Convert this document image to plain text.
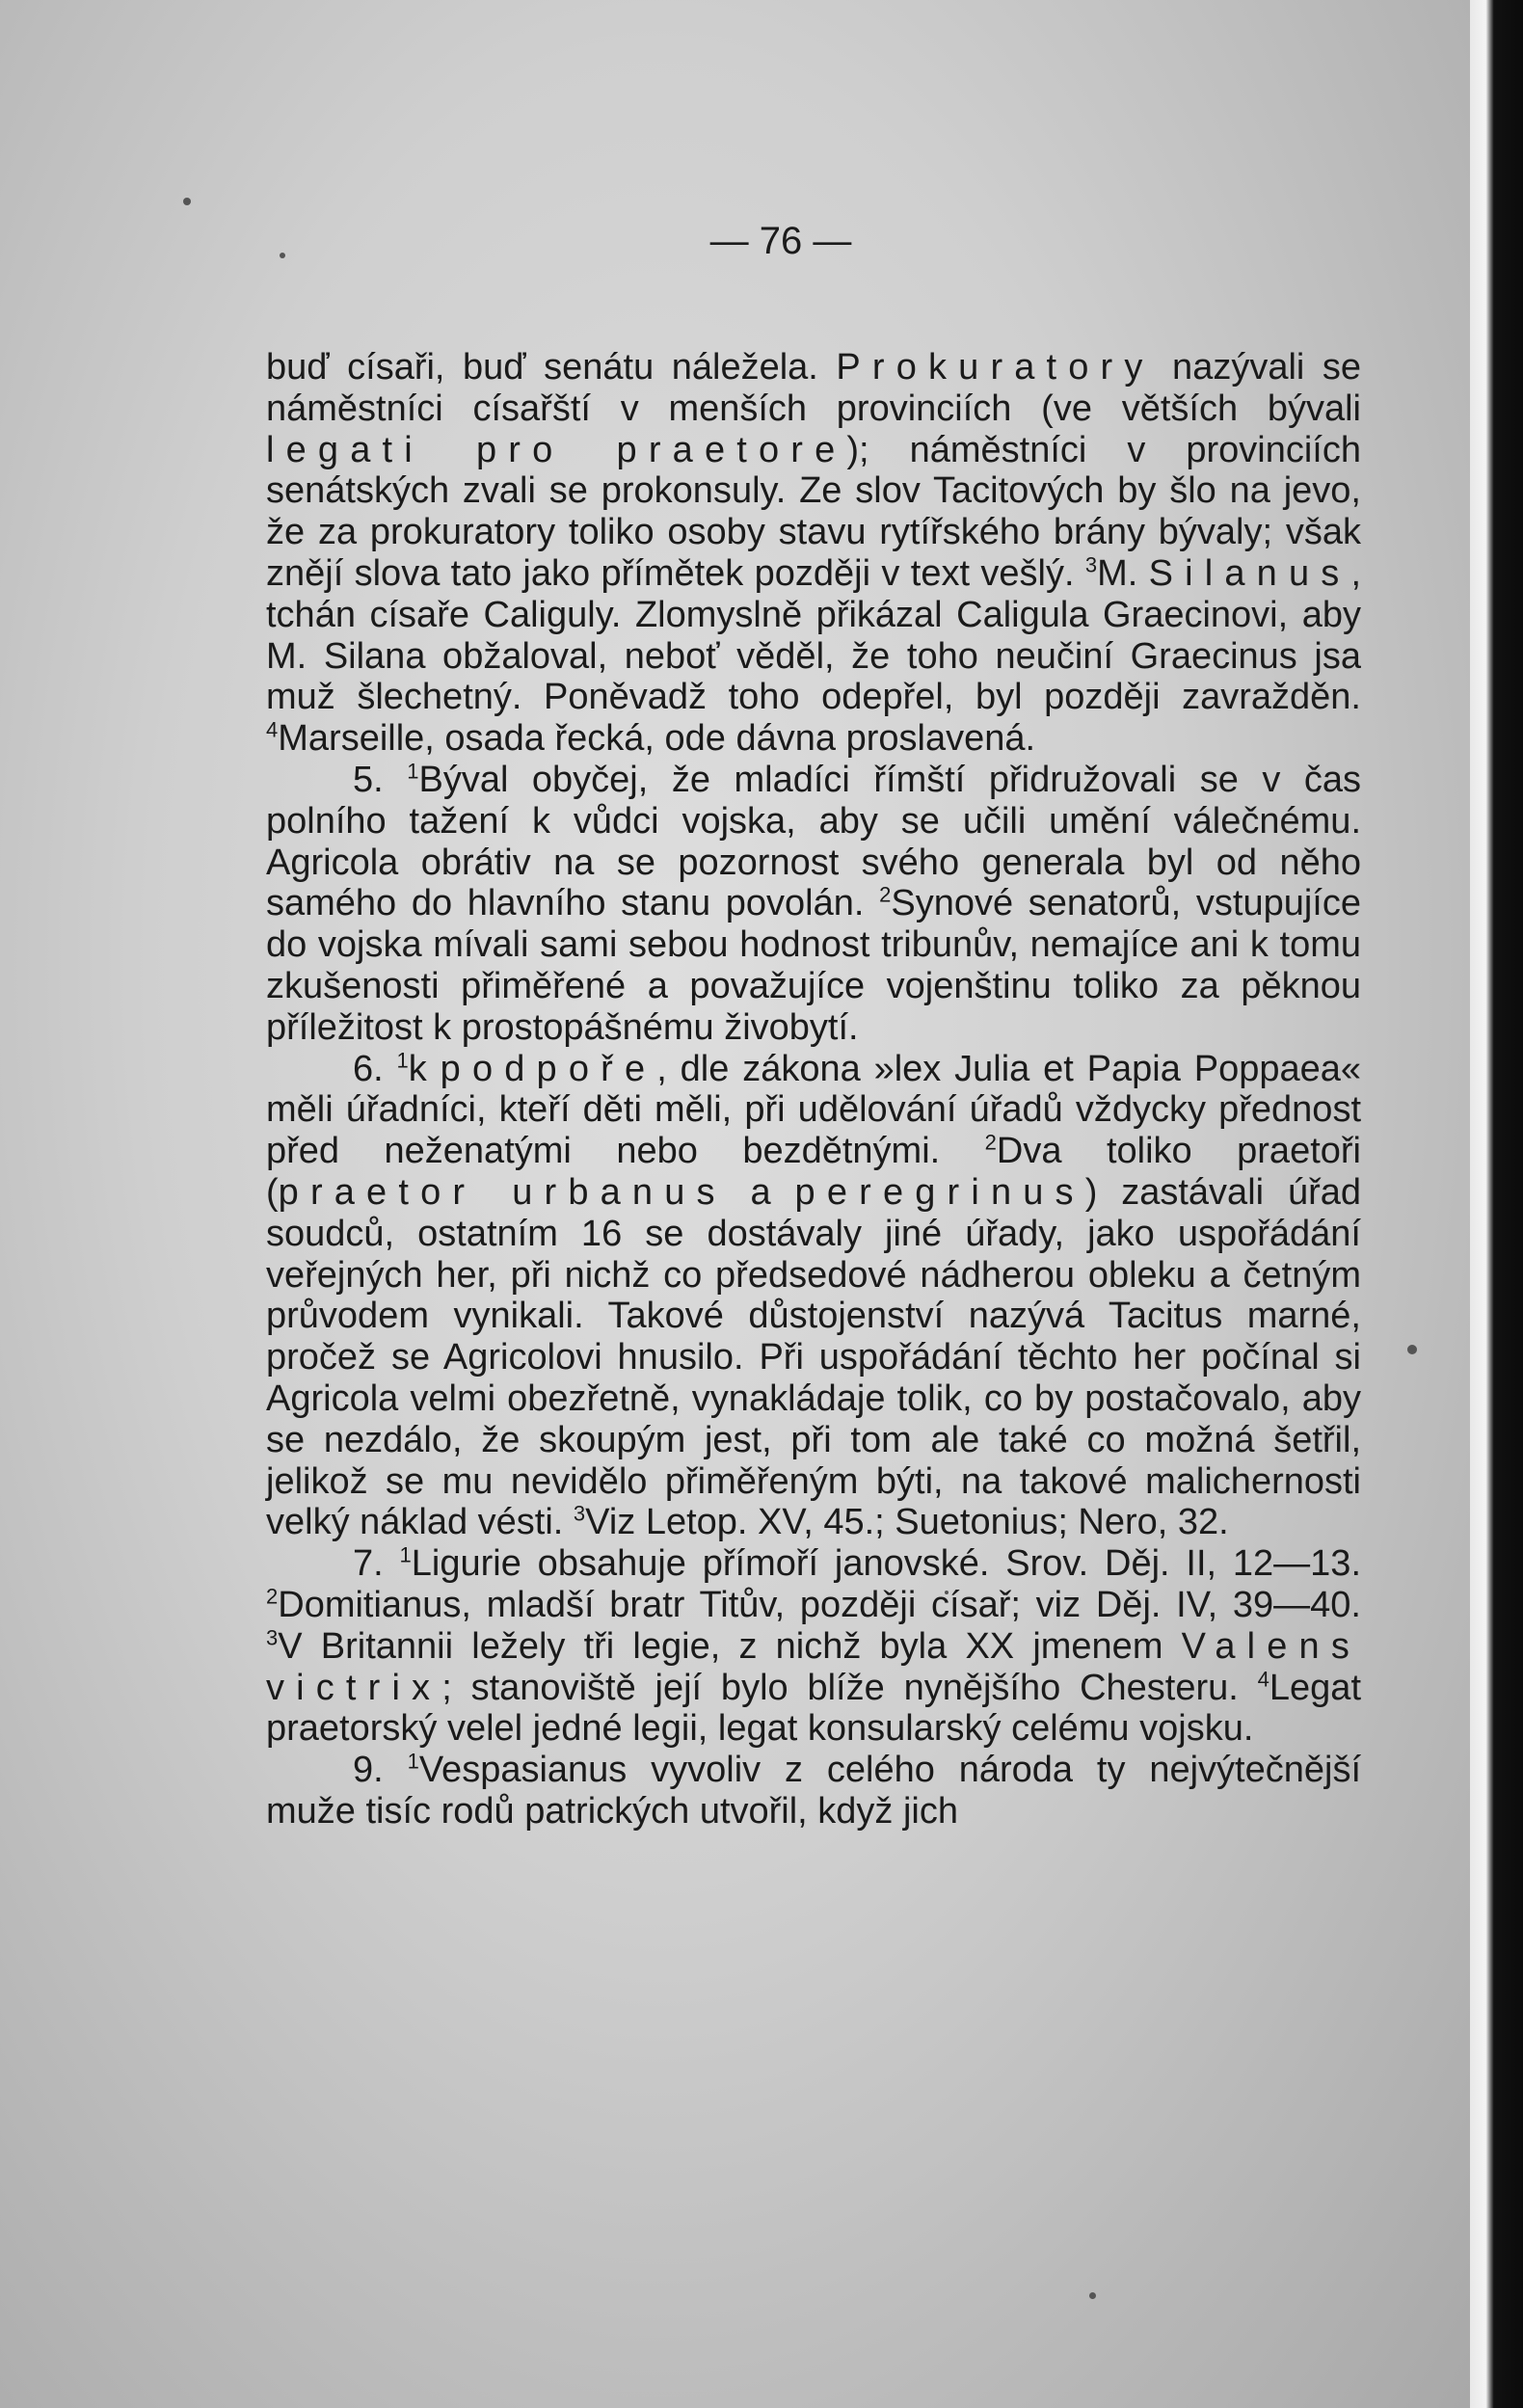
— 76 —

buď císaři, buď senátu náležela. Prokuratory nazývali se náměstníci císařští v menších provinciích (ve větších bývali legati pro praetore); náměstníci v provinciích senátských zvali se prokonsuly. Ze slov Tacitových by šlo na jevo, že za prokuratory toliko osoby stavu rytířského brány bývaly; však znějí slova tato jako přímětek později v text vešlý. $^3$M. Silanus, tchán císaře Caliguly. Zlomyslně přikázal Caligula Graecinovi, aby M. Silana obžaloval, neboť věděl, že toho neučiní Graecinus jsa muž šlechetný. Poněvadž toho odepřel, byl později zavražděn. $^4$Marseille, osada řecká, ode dávna proslavená.

5. $^1$Býval obyčej, že mladíci římští přidružovali se v čas polního tažení k vůdci vojska, aby se učili umění válečnému. Agricola obrátiv na se pozornost svého generala byl od něho samého do hlavního stanu povolán. $^2$Synové senatorů, vstupujíce do vojska mívali sami sebou hodnost tribunův, nemajíce ani k tomu zkušenosti přiměřené a považujíce vojenštinu toliko za pěknou příležitost k prostopášnému živobytí.

6. $^1$k podpoře, dle zákona »lex Julia et Papia Poppaea« měli úřadníci, kteří děti měli, při udělování úřadů vždycky přednost před neženatými nebo bezdětnými. $^2$Dva toliko praetoři (praetor urbanus a peregrinus) zastávali úřad soudců, ostatním 16 se dostávaly jiné úřady, jako uspořádání veřejných her, při nichž co předsedové nádherou obleku a četným průvodem vynikali. Takové důstojenství nazývá Tacitus marné, pročež se Agricolovi hnusilo. Při uspořádání těchto her počínal si Agricola velmi obezřetně, vynakládaje tolik, co by postačovalo, aby se nezdálo, že skoupým jest, při tom ale také co možná šetřil, jelikož se mu nevidělo přiměřeným býti, na takové malichernosti velký náklad vésti. $^3$Viz Letop. XV, 45.; Suetonius; Nero, 32.

7. $^1$Ligurie obsahuje přímoří janovské. Srov. Děj. II, 12—13. $^2$Domitianus, mladší bratr Titův, později císař; viz Děj. IV, 39—40. $^3$V Britannii ležely tři legie, z nichž byla XX jmenem Valens victrix; stanoviště její bylo blíže nynějšího Chesteru. $^4$Legat praetorský velel jedné legii, legat konsularský celému vojsku.

9. $^1$Vespasianus vyvoliv z celého národa ty nejvýtečnější muže tisíc rodů patrických utvořil, když jich
